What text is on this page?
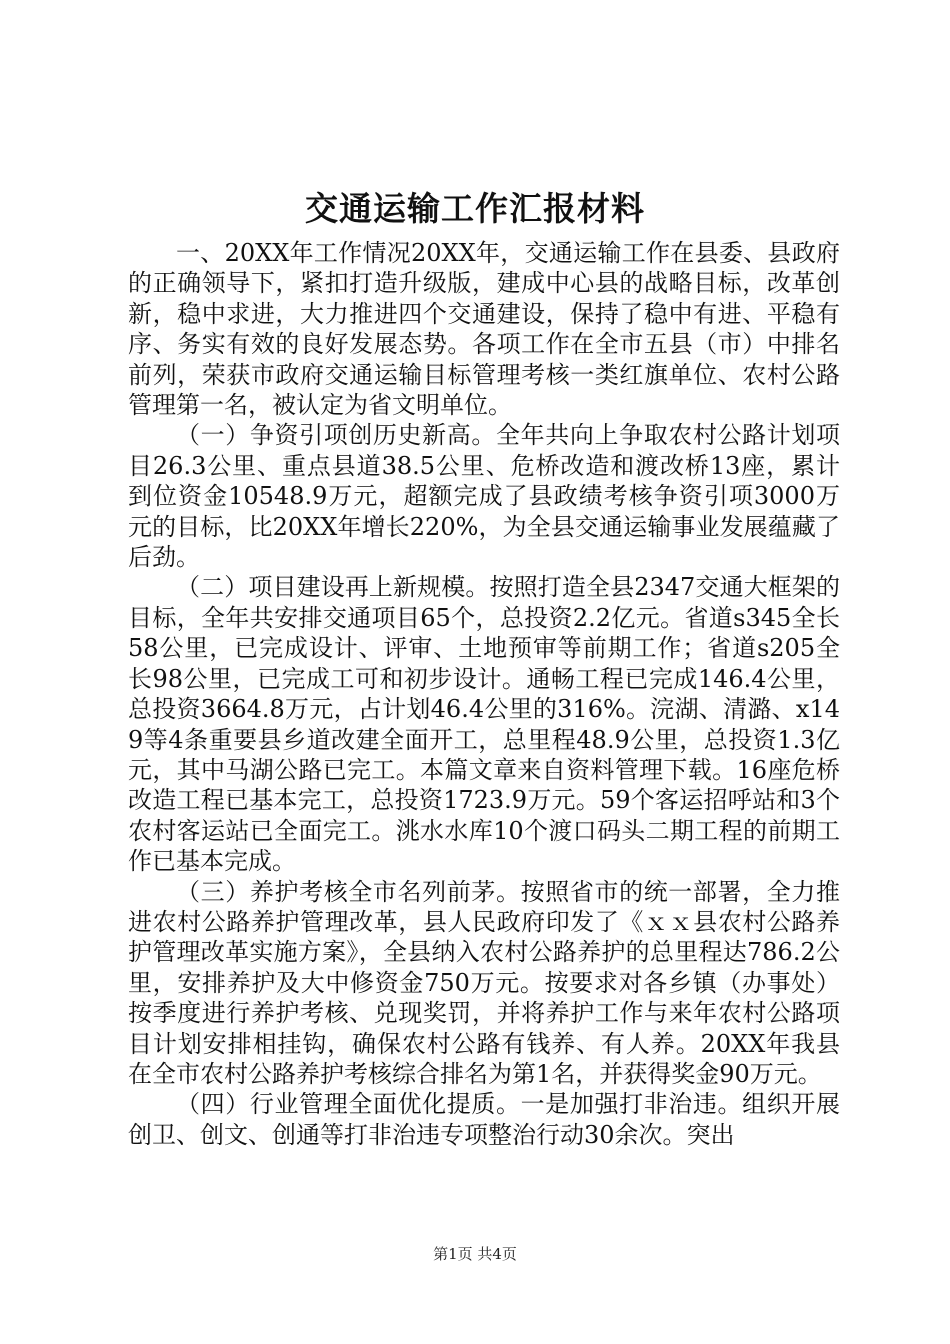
交通运输工作汇报材料

一、20XX年工作情况20XX年，交通运输工作在县委、县政府的正确领导下，紧扣打造升级版，建成中心县的战略目标，改革创新，稳中求进，大力推进四个交通建设，保持了稳中有进、平稳有序、务实有效的良好发展态势。各项工作在全市五县（市）中排名前列，荣获市政府交通运输目标管理考核一类红旗单位、农村公路管理第一名，被认定为省文明单位。

（一）争资引项创历史新高。全年共向上争取农村公路计划项目26.3公里、重点县道38.5公里、危桥改造和渡改桥13座，累计到位资金10548.9万元，超额完成了县政绩考核争资引项3000万元的目标，比20XX年增长220%，为全县交通运输事业发展蕴藏了后劲。

（二）项目建设再上新规模。按照打造全县2347交通大框架的目标，全年共安排交通项目65个，总投资2.2亿元。省道s345全长58公里，已完成设计、评审、土地预审等前期工作；省道s205全长98公里，已完成工可和初步设计。通畅工程已完成146.4公里，总投资3664.8万元，占计划46.4公里的316%。浣湖、清潞、x149等4条重要县乡道改建全面开工，总里程48.9公里，总投资1.3亿元，其中马湖公路已完工。本篇文章来自资料管理下载。16座危桥改造工程已基本完工，总投资1723.9万元。59个客运招呼站和3个农村客运站已全面完工。洮水水库10个渡口码头二期工程的前期工作已基本完成。

（三）养护考核全市名列前茅。按照省市的统一部署，全力推进农村公路养护管理改革，县人民政府印发了《ｘｘ县农村公路养护管理改革实施方案》，全县纳入农村公路养护的总里程达786.2公里，安排养护及大中修资金750万元。按要求对各乡镇（办事处）按季度进行养护考核、兑现奖罚，并将养护工作与来年农村公路项目计划安排相挂钩，确保农村公路有钱养、有人养。20XX年我县在全市农村公路养护考核综合排名为第1名，并获得奖金90万元。

（四）行业管理全面优化提质。一是加强打非治违。组织开展创卫、创文、创通等打非治违专项整治行动30余次。突出

第1页 共4页
